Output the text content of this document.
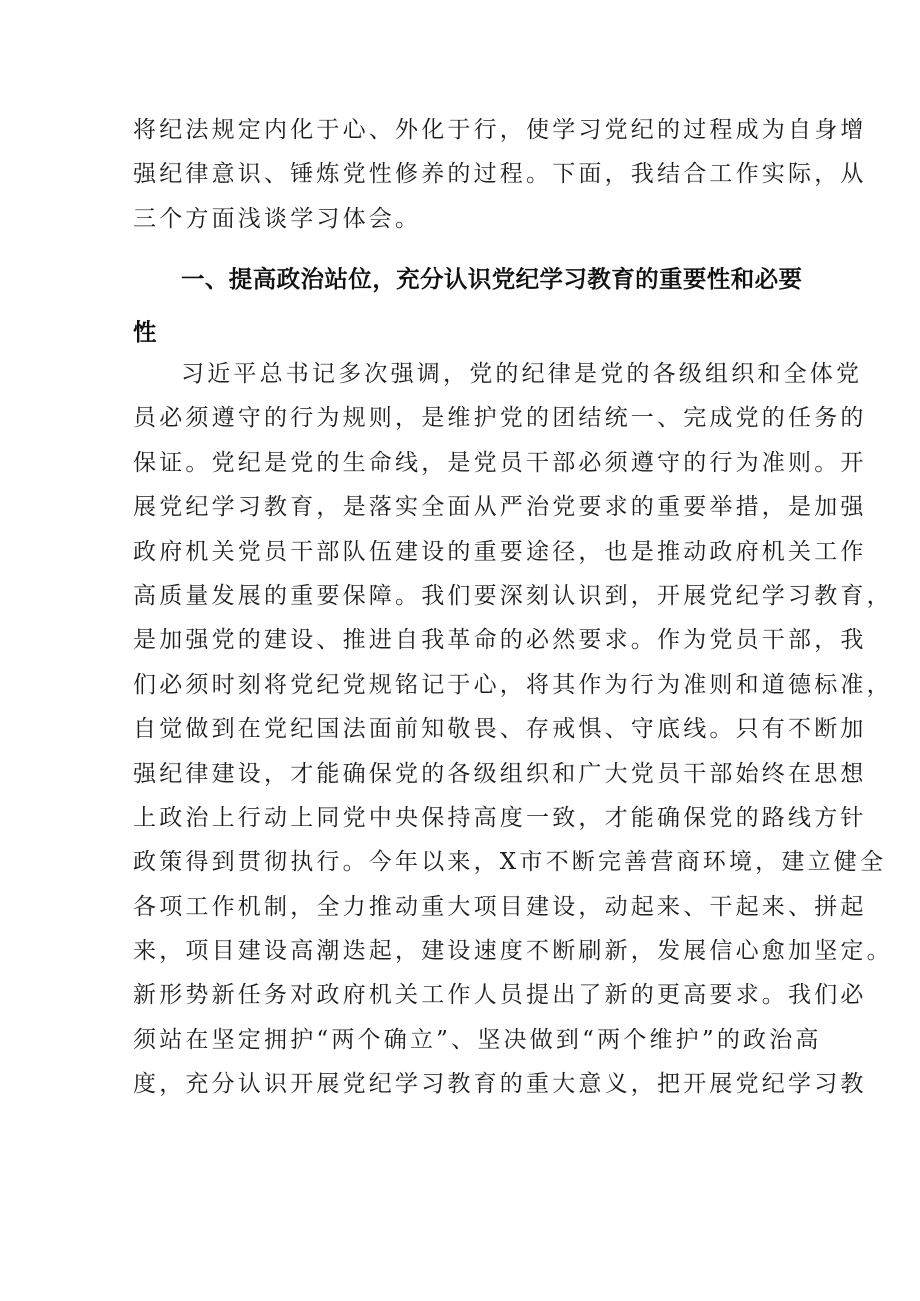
将纪法规定内化于心、外化于行，使学习党纪的过程成为自身增
强纪律意识、锤炼党性修养的过程。下面，我结合工作实际，从
三个方面浅谈学习体会。
一、提高政治站位，充分认识党纪学习教育的重要性和必要
性
习近平总书记多次强调，党的纪律是党的各级组织和全体党
员必须遵守的行为规则，是维护党的团结统一、完成党的任务的
保证。党纪是党的生命线，是党员干部必须遵守的行为准则。开
展党纪学习教育，是落实全面从严治党要求的重要举措，是加强
政府机关党员干部队伍建设的重要途径，也是推动政府机关工作
高质量发展的重要保障。我们要深刻认识到，开展党纪学习教育，
是加强党的建设、推进自我革命的必然要求。作为党员干部，我
们必须时刻将党纪党规铭记于心，将其作为行为准则和道德标准，
自觉做到在党纪国法面前知敬畏、存戒惧、守底线。只有不断加
强纪律建设，才能确保党的各级组织和广大党员干部始终在思想
上政治上行动上同党中央保持高度一致，才能确保党的路线方针
政策得到贯彻执行。今年以来，X市不断完善营商环境，建立健全
各项工作机制，全力推动重大项目建设，动起来、干起来、拼起
来，项目建设高潮迭起，建设速度不断刷新，发展信心愈加坚定。
新形势新任务对政府机关工作人员提出了新的更高要求。我们必
须站在坚定拥护“两个确立”、坚决做到“两个维护”的政治高
度，充分认识开展党纪学习教育的重大意义，把开展党纪学习教
